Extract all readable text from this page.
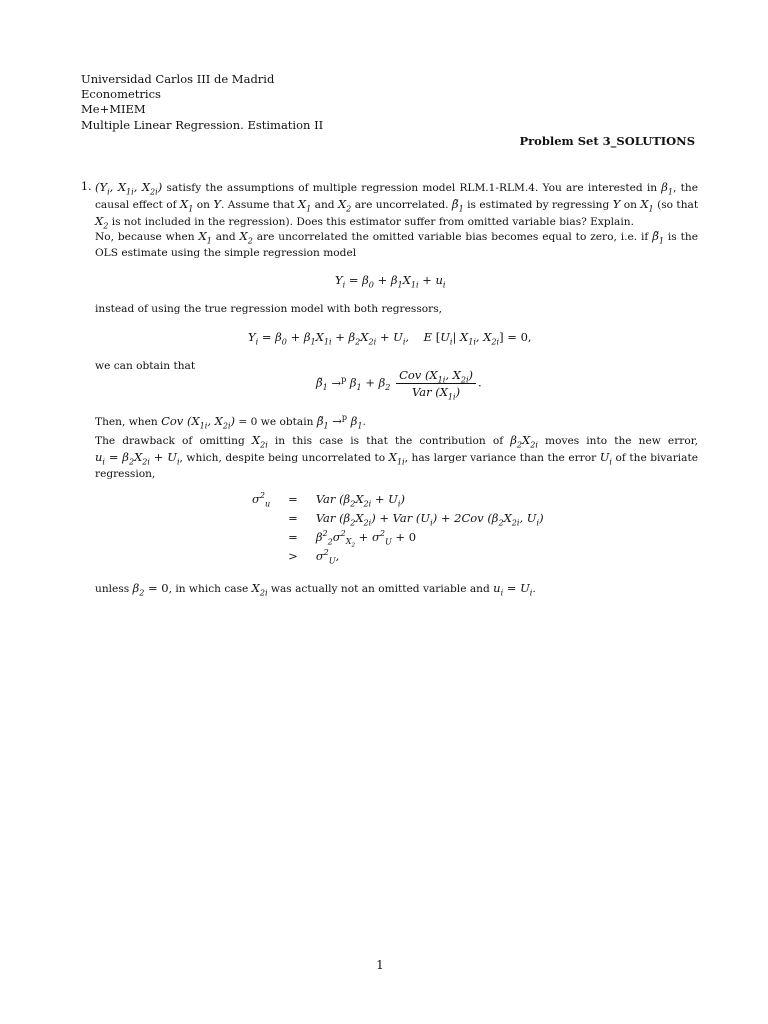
Universidad Carlos III de Madrid
Econometrics
Me+MIEM
Multiple Linear Regression. Estimation II
Problem Set 3_SOLUTIONS
1. ($Y_i$, $X_{1i}$, $X_{2i}$) satisfy the assumptions of multiple regression model RLM.1-RLM.4. You are interested in $\beta_1$, the causal effect of $X_1$ on Y. Assume that $X_1$ and $X_2$ are uncorrelated. $\betã_1$ is estimated by regressing Y on $X_1$ (so that $X_2$ is not included in the regression). Does this estimator suffer from omitted variable bias? Explain.
No, because when $X_1$ and $X_2$ are uncorrelated the omitted variable bias becomes equal to zero, i.e. if $\betã_1$ is the OLS estimate using the simple regression model
$Y_i = \beta_0 + \beta_1X_{1i} + u_i$
instead of using the true regression model with both regressors,
$Y_i = \beta_0 + \beta_1X_{1i} + \beta_2X_{2i} + U_i$,    E [$U_i|$ $X_{1i}$, $X_{2i}] = 0$,
we can obtain that
$\betã_1 \to^p$ $\beta_1 + \beta_2 \frac{Cov (X_{1i}, X_{2i})}{Var (X_{1i})}$ .
Then, when Cov ($X_{1i}$, $X_{2i}) = 0$ we obtain $\betã_1 \to^p$ $\beta_1$.
The drawback of omitting $X_{2i}$ in this case is that the contribution of $\beta_2X_{2i}$ moves into the new error, $u_i = \beta_2X_{2i} + U_i$, which, despite being uncorrelated to $X_{1i}$, has larger variance than the error $U_i$ of the bivariate regression,
$\sigma^2_u$	=	Var $(\beta_2X_{2i} + U_i)$
	=	Var $(\beta_2X_{2i})$ + Var $(U_i) + 2Cov$ ($\beta_2X_{2i}$, $U_i$)
	=	$\beta^2_2\sigma^2_{X_2} + \sigma^2_U + 0$
	>	$\sigma^2_U$,
unless $\beta_2 = 0$, in which case $X_{2i}$ was actually not an omitted variable and $u_i = U_i$.
1
